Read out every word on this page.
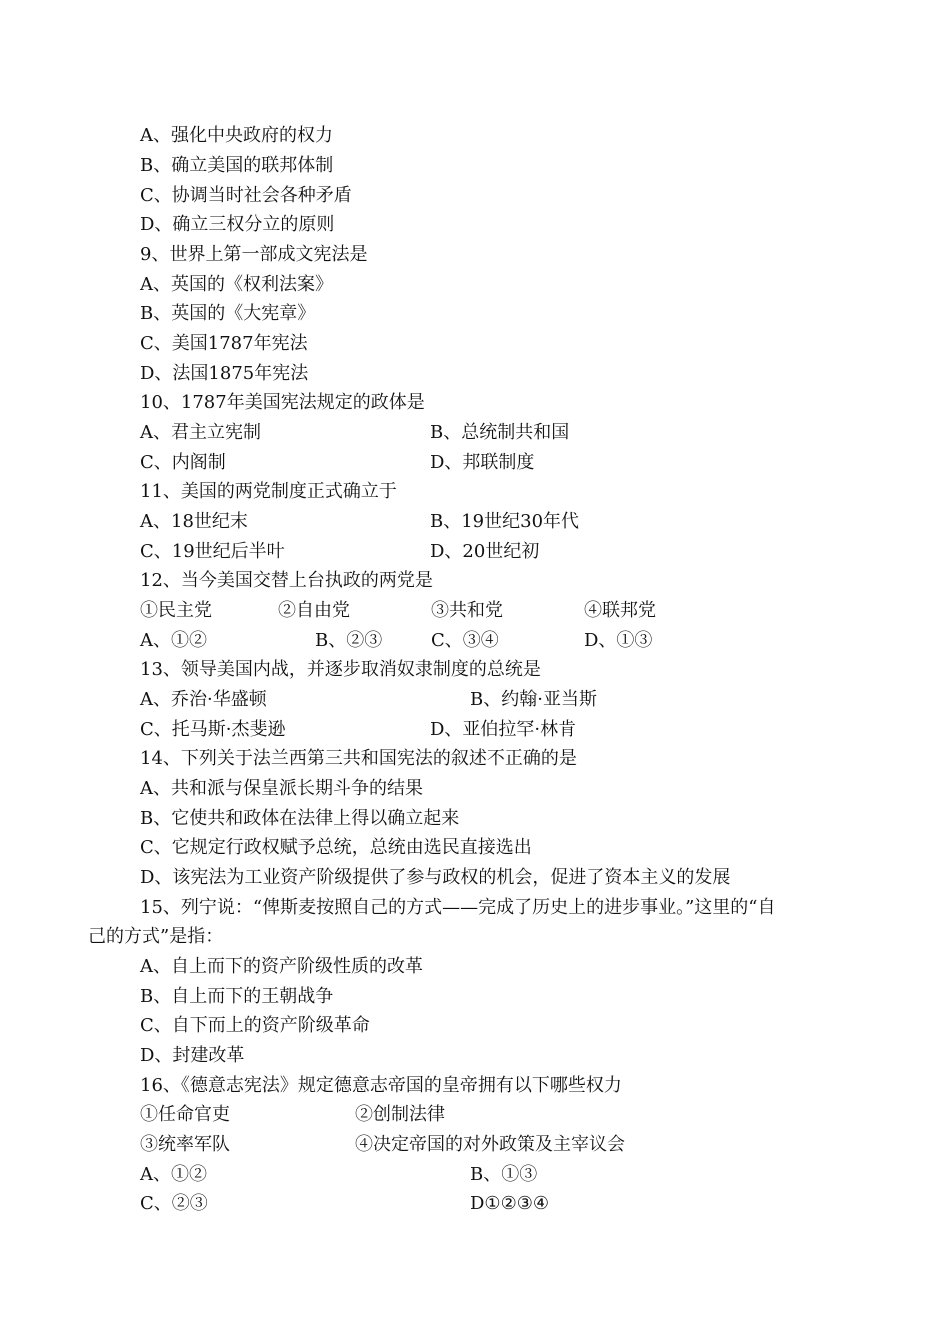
A、强化中央政府的权力
B、确立美国的联邦体制
C、协调当时社会各种矛盾
D、确立三权分立的原则
9、世界上第一部成文宪法是
A、英国的《权利法案》
B、英国的《大宪章》
C、美国1787年宪法
D、法国1875年宪法
10、1787年美国宪法规定的政体是
A、君主立宪制	B、总统制共和国
C、内阁制	D、邦联制度
11、美国的两党制度正式确立于
A、18世纪末	B、19世纪30年代
C、19世纪后半叶	D、20世纪初
12、当今美国交替上台执政的两党是
①民主党	②自由党	③共和党	④联邦党
A、①②	B、②③	C、③④	D、①③
13、领导美国内战，并逐步取消奴隶制度的总统是
A、乔治·华盛顿	B、约翰·亚当斯
C、托马斯·杰斐逊	D、亚伯拉罕·林肯
14、下列关于法兰西第三共和国宪法的叙述不正确的是
A、共和派与保皇派长期斗争的结果
B、它使共和政体在法律上得以确立起来
C、它规定行政权赋予总统，总统由选民直接选出
D、该宪法为工业资产阶级提供了参与政权的机会，促进了资本主义的发展
15、列宁说：“俾斯麦按照自己的方式——完成了历史上的进步事业。”这里的“自
己的方式”是指：
A、自上而下的资产阶级性质的改革
B、自上而下的王朝战争
C、自下而上的资产阶级革命
D、封建改革
16、《德意志宪法》规定德意志帝国的皇帝拥有以下哪些权力
①任命官吏	②创制法律
③统率军队	④决定帝国的对外政策及主宰议会
A、①②	B、①③
C、②③	D①②③④
